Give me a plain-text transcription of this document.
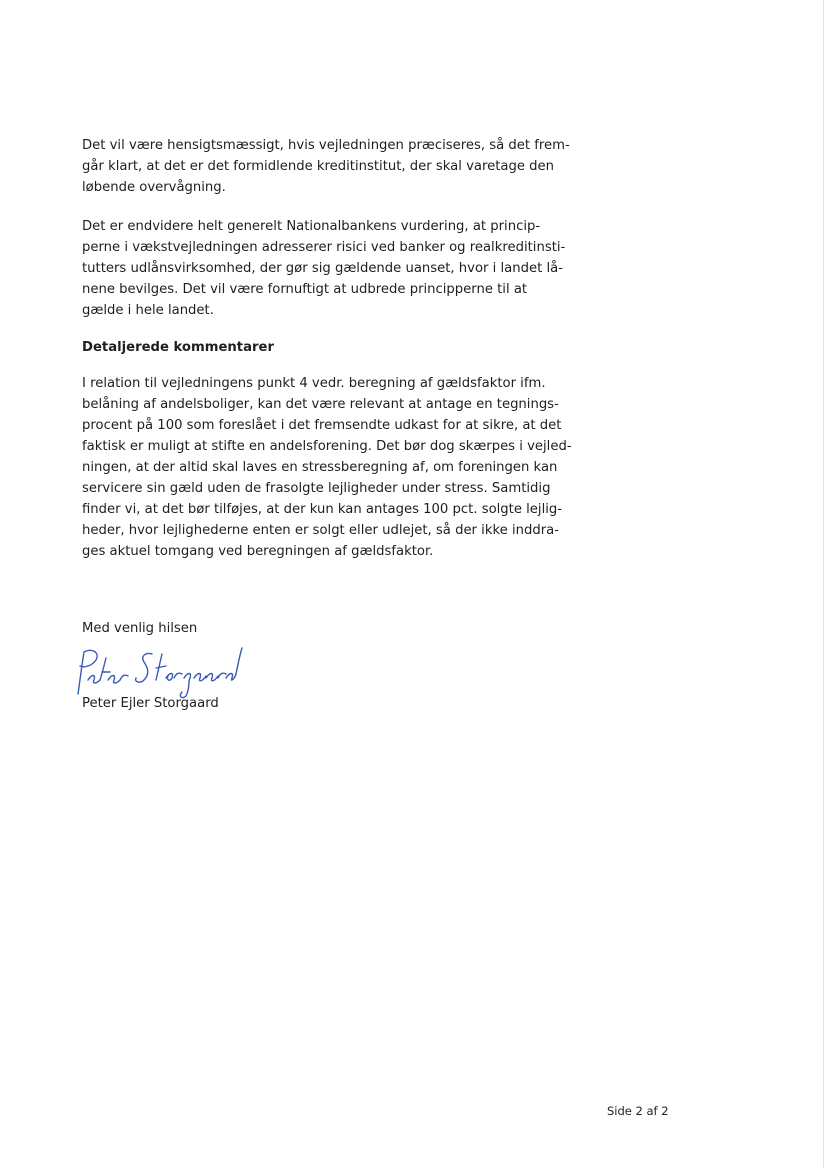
Det vil være hensigtsmæssigt, hvis vejledningen præciseres, så det frem-
går klart, at det er det formidlende kreditinstitut, der skal varetage den
løbende overvågning.
Det er endvidere helt generelt Nationalbankens vurdering, at princip-
perne i vækstvejledningen adresserer risici ved banker og realkreditinsti-
tutters udlånsvirksomhed, der gør sig gældende uanset, hvor i landet lå-
nene bevilges. Det vil være fornuftigt at udbrede principperne til at
gælde i hele landet.
Detaljerede kommentarer
I relation til vejledningens punkt 4 vedr. beregning af gældsfaktor ifm.
belåning af andelsboliger, kan det være relevant at antage en tegnings-
procent på 100 som foreslået i det fremsendte udkast for at sikre, at det
faktisk er muligt at stifte en andelsforening. Det bør dog skærpes i vejled-
ningen, at der altid skal laves en stressberegning af, om foreningen kan
servicere sin gæld uden de frasolgte lejligheder under stress. Samtidig
finder vi, at det bør tilføjes, at der kun kan antages 100 pct. solgte lejlig-
heder, hvor lejlighederne enten er solgt eller udlejet, så der ikke inddra-
ges aktuel tomgang ved beregningen af gældsfaktor.
Med venlig hilsen
Peter Ejler Storgaard
Side 2 af 2
